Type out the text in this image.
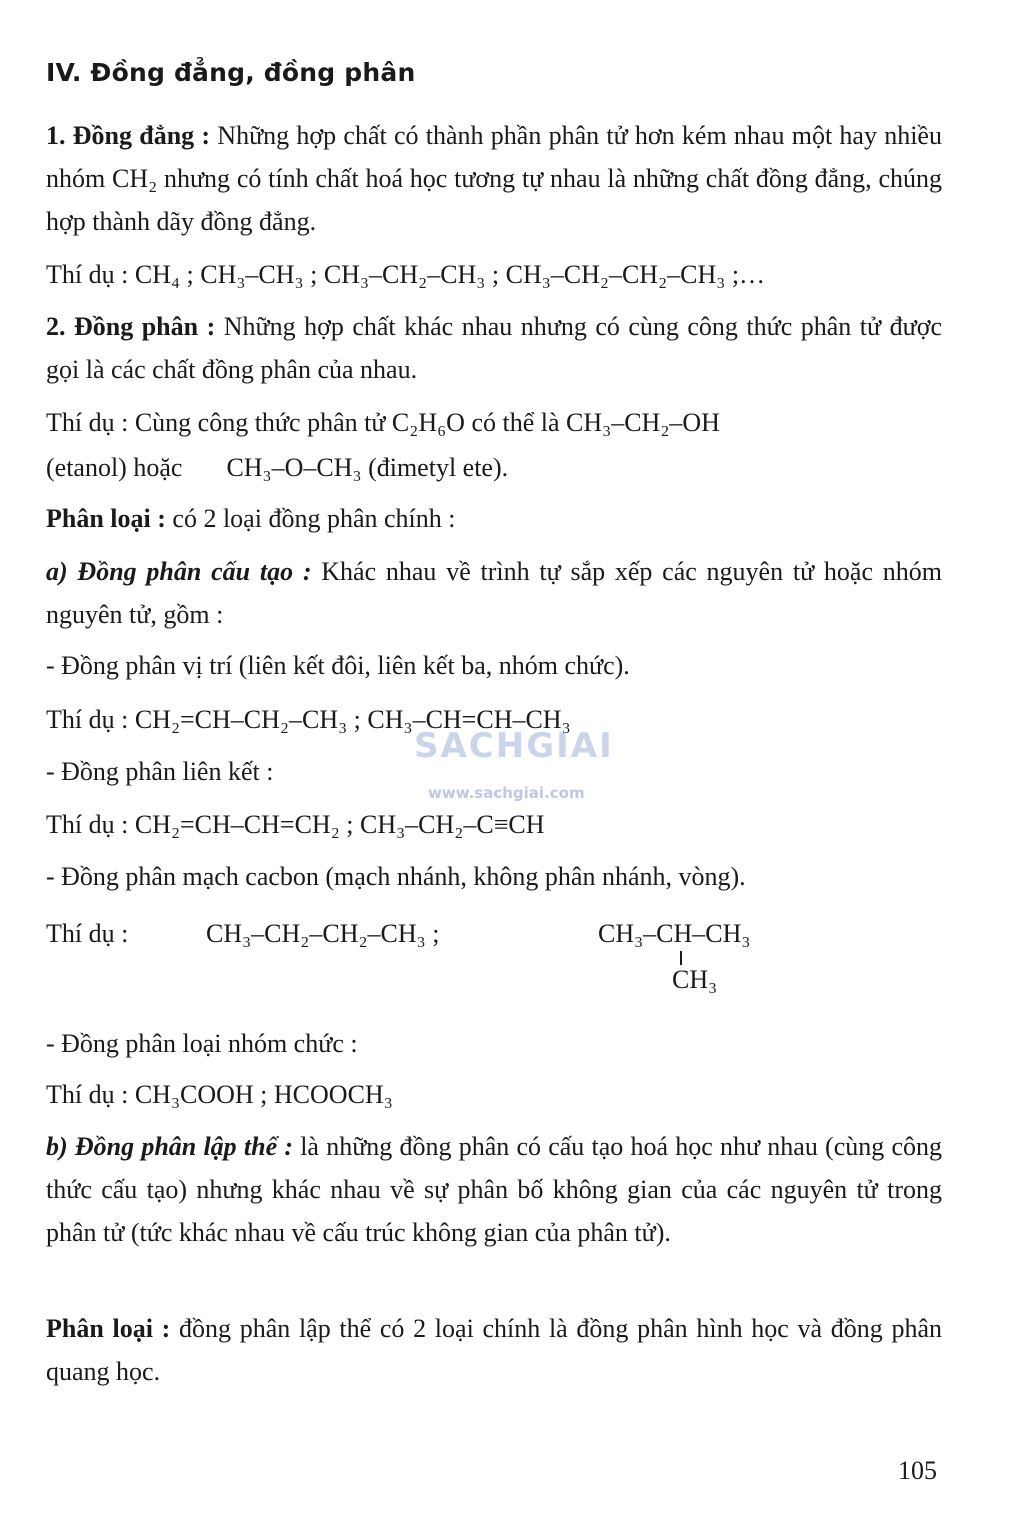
IV. Đồng đẳng, đồng phân
1. Đồng đẳng : Những hợp chất có thành phần phân tử hơn kém nhau một hay nhiều nhóm CH₂ nhưng có tính chất hoá học tương tự nhau là những chất đồng đẳng, chúng hợp thành dãy đồng đẳng.
Thí dụ : CH₄ ; CH₃–CH₃ ; CH₃–CH₂–CH₃ ; CH₃–CH₂–CH₂–CH₃ ;…
2. Đồng phân : Những hợp chất khác nhau nhưng có cùng công thức phân tử được gọi là các chất đồng phân của nhau.
Thí dụ : Cùng công thức phân tử C₂H₆O có thể là CH₃–CH₂–OH
(etanol) hoặc CH₃–O–CH₃ (đimetyl ete).
Phân loại : có 2 loại đồng phân chính :
a) Đồng phân cấu tạo : Khác nhau về trình tự sắp xếp các nguyên tử hoặc nhóm nguyên tử, gồm :
- Đồng phân vị trí (liên kết đôi, liên kết ba, nhóm chức).
Thí dụ : CH₂=CH–CH₂–CH₃ ; CH₃–CH=CH–CH₃
- Đồng phân liên kết :
Thí dụ : CH₂=CH–CH=CH₂ ; CH₃–CH₂–C≡CH
- Đồng phân mạch cacbon (mạch nhánh, không phân nhánh, vòng).
Thí dụ :	CH₃–CH₂–CH₂–CH₃ ;	CH₃–CH–CH₃
CH₃
- Đồng phân loại nhóm chức :
Thí dụ : CH₃COOH ; HCOOCH₃
b) Đồng phân lập thể : là những đồng phân có cấu tạo hoá học như nhau (cùng công thức cấu tạo) nhưng khác nhau về sự phân bố không gian của các nguyên tử trong phân tử (tức khác nhau về cấu trúc không gian của phân tử).
Phân loại : đồng phân lập thể có 2 loại chính là đồng phân hình học và đồng phân quang học.
105
SACHGIAI
www.sachgiai.com
